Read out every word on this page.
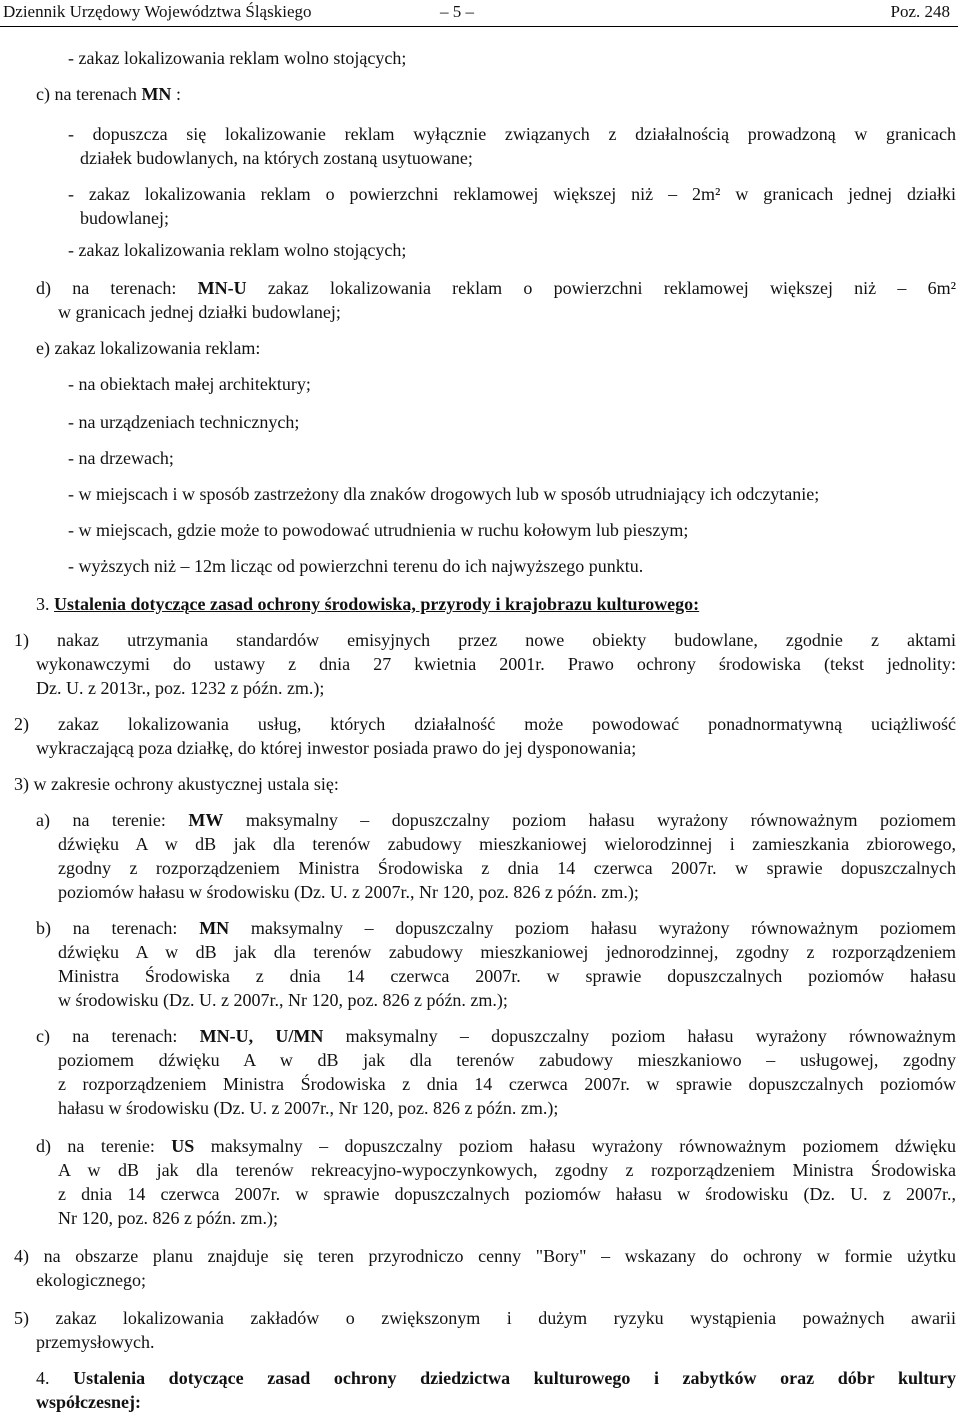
Dziennik Urzędowy Województwa Śląskiego	– 5 –	Poz. 248
- zakaz lokalizowania reklam wolno stojących;
c) na terenach MN :
- dopuszcza się lokalizowanie reklam wyłącznie związanych z działalnością prowadzoną w granicach
działek budowlanych, na których zostaną usytuowane;
- zakaz lokalizowania reklam o powierzchni reklamowej większej niż – 2m² w granicach jednej działki
budowlanej;
- zakaz lokalizowania reklam wolno stojących;
d) na terenach: MN-U zakaz lokalizowania reklam o powierzchni reklamowej większej niż – 6m²
w granicach jednej działki budowlanej;
e) zakaz lokalizowania reklam:
- na obiektach małej architektury;
- na urządzeniach technicznych;
- na drzewach;
- w miejscach i w sposób zastrzeżony dla znaków drogowych lub w sposób utrudniający ich odczytanie;
- w miejscach, gdzie może to powodować utrudnienia w ruchu kołowym lub pieszym;
- wyższych niż – 12m licząc od powierzchni terenu do ich najwyższego punktu.
3. Ustalenia dotyczące zasad ochrony środowiska, przyrody i krajobrazu kulturowego:
1) nakaz utrzymania standardów emisyjnych przez nowe obiekty budowlane, zgodnie z aktami
wykonawczymi do ustawy z dnia 27 kwietnia 2001r. Prawo ochrony środowiska (tekst jednolity:
Dz. U. z 2013r., poz. 1232 z późn. zm.);
2) zakaz lokalizowania usług, których działalność może powodować ponadnormatywną uciążliwość
wykraczającą poza działkę, do której inwestor posiada prawo do jej dysponowania;
3) w zakresie ochrony akustycznej ustala się:
a) na terenie: MW maksymalny – dopuszczalny poziom hałasu wyrażony równoważnym poziomem
dźwięku A w dB jak dla terenów zabudowy mieszkaniowej wielorodzinnej i zamieszkania zbiorowego,
zgodny z rozporządzeniem Ministra Środowiska z dnia 14 czerwca 2007r. w sprawie dopuszczalnych
poziomów hałasu w środowisku (Dz. U. z 2007r., Nr 120, poz. 826 z późn. zm.);
b) na terenach: MN maksymalny – dopuszczalny poziom hałasu wyrażony równoważnym poziomem
dźwięku A w dB jak dla terenów zabudowy mieszkaniowej jednorodzinnej, zgodny z rozporządzeniem
Ministra Środowiska z dnia 14 czerwca 2007r. w sprawie dopuszczalnych poziomów hałasu
w środowisku (Dz. U. z 2007r., Nr 120, poz. 826 z późn. zm.);
c) na terenach: MN-U, U/MN maksymalny – dopuszczalny poziom hałasu wyrażony równoważnym
poziomem dźwięku A w dB jak dla terenów zabudowy mieszkaniowo – usługowej, zgodny
z rozporządzeniem Ministra Środowiska z dnia 14 czerwca 2007r. w sprawie dopuszczalnych poziomów
hałasu w środowisku (Dz. U. z 2007r., Nr 120, poz. 826 z późn. zm.);
d) na terenie: US maksymalny – dopuszczalny poziom hałasu wyrażony równoważnym poziomem dźwięku
A w dB jak dla terenów rekreacyjno-wypoczynkowych, zgodny z rozporządzeniem Ministra Środowiska
z dnia 14 czerwca 2007r. w sprawie dopuszczalnych poziomów hałasu w środowisku (Dz. U. z 2007r.,
Nr 120, poz. 826 z późn. zm.);
4) na obszarze planu znajduje się teren przyrodniczo cenny "Bory" – wskazany do ochrony w formie użytku
ekologicznego;
5) zakaz lokalizowania zakładów o zwiększonym i dużym ryzyku wystąpienia poważnych awarii
przemysłowych.
4. Ustalenia dotyczące zasad ochrony dziedzictwa kulturowego i zabytków oraz dóbr kultury
współczesnej:
